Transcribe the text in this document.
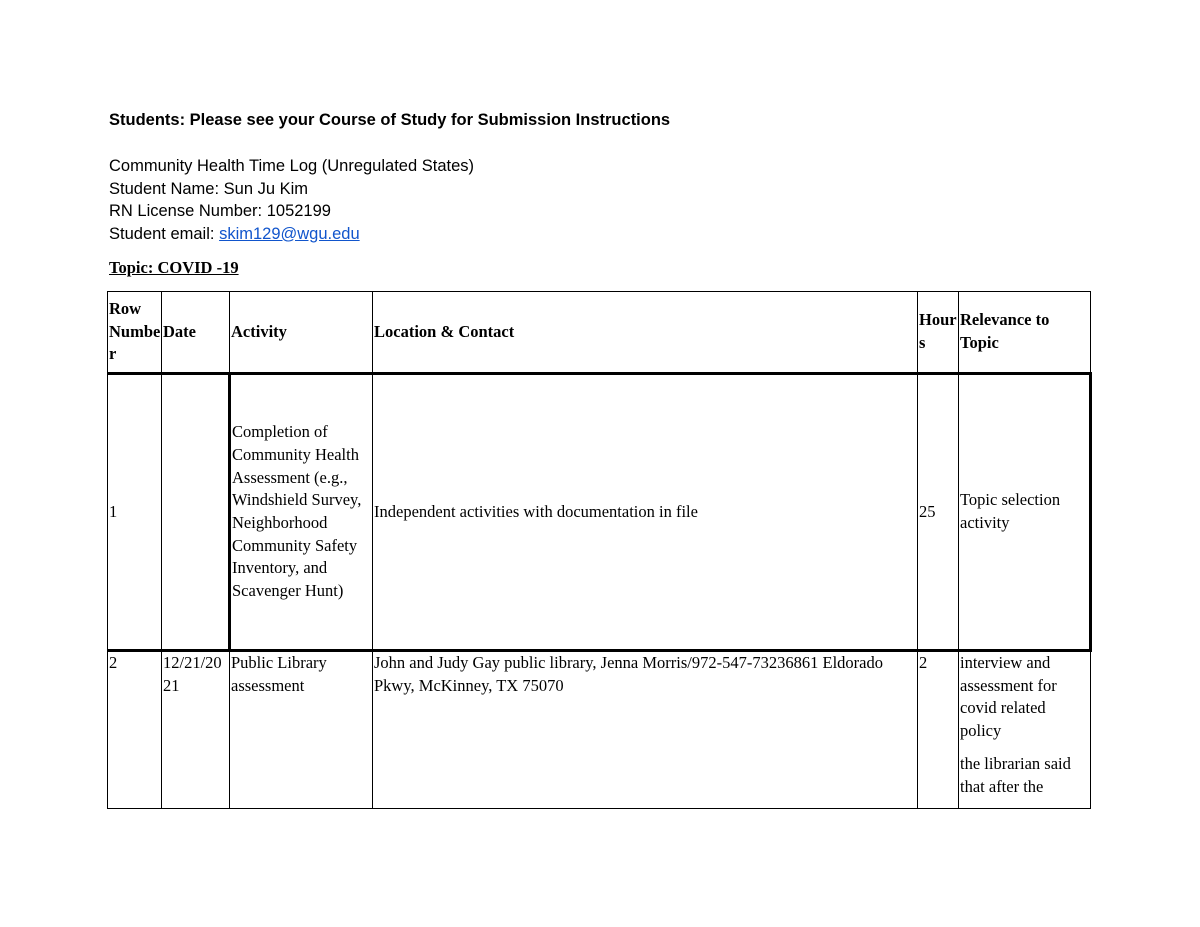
Students: Please see your Course of Study for Submission Instructions
Community Health Time Log (Unregulated States)
Student Name: Sun Ju Kim
RN License Number: 1052199
Student email: skim129@wgu.edu
Topic: COVID -19
Row Number	Date	Activity	Location & Contact	Hours	Relevance to Topic
1		Completion of Community Health Assessment (e.g., Windshield Survey, Neighborhood Community Safety Inventory, and Scavenger Hunt)	Independent activities with documentation in file	25	Topic selection activity

2	12/21/2021	Public Library assessment	John and Judy Gay public library, Jenna Morris/972-547-73236861 Eldorado Pkwy, McKinney, TX 75070	2	interview and assessment for covid related policy

the librarian said that after the
